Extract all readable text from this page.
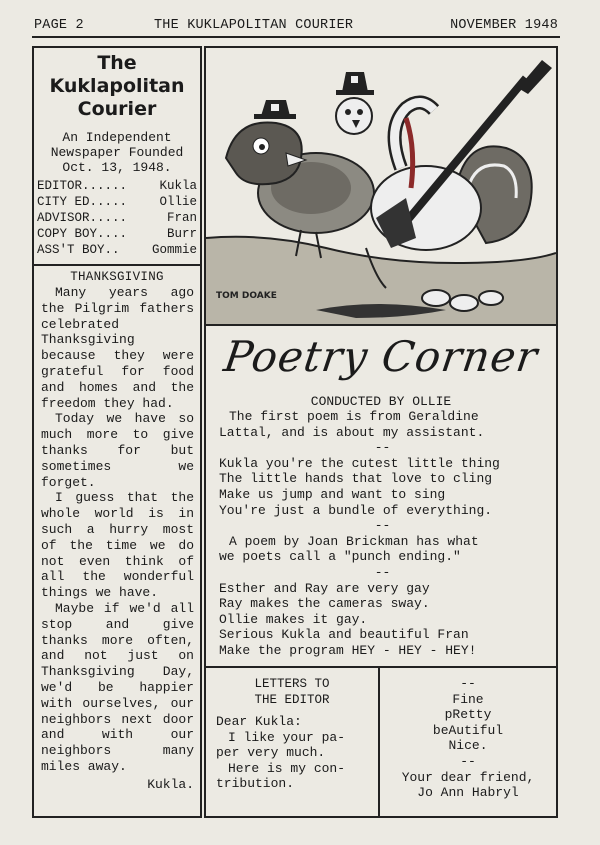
PAGE 2	THE KUKLAPOLITAN COURIER	NOVEMBER 1948
The
Kuklapolitan
Courier
An Independent
Newspaper Founded
Oct. 13, 1948.
EDITOR......	Kukla
CITY ED.....	Ollie
ADVISOR.....	Fran
COPY BOY....	Burr
ASS'T BOY..	Gommie
TOM DOAKE
THANKSGIVING

Many years ago the Pilgrim fathers celebrated Thanksgiving because they were grateful for food and homes and the freedom they had.

Today we have so much more to give thanks for but sometimes we forget.

I guess that the whole world is in such a hurry most of the time we do not even think of all the wonderful things we have.

Maybe if we'd all stop and give thanks more often, and not just on Thanksgiving Day, we'd be happier with ourselves, our neighbors next door and with our neighbors many miles away.

Kukla.
Poetry Corner
CONDUCTED BY OLLIE
The first poem is from Geraldine
Lattal, and is about my assistant.
--
Kukla you're the cutest little thing
The little hands that love to cling
Make us jump and want to sing
You're just a bundle of everything.
--
A poem by Joan Brickman has what
we poets call a "punch ending."
--
Esther and Ray are very gay
Ray makes the cameras sway.
Ollie makes it gay.
Serious Kukla and beautiful Fran
Make the program HEY - HEY - HEY!
LETTERS TO
THE EDITOR
Dear Kukla:
I like your pa-
per very much.
Here is my con-
tribution.
--
Fine
pRetty
beAutiful
Nice.
--
Your dear friend,
Jo Ann Habryl
